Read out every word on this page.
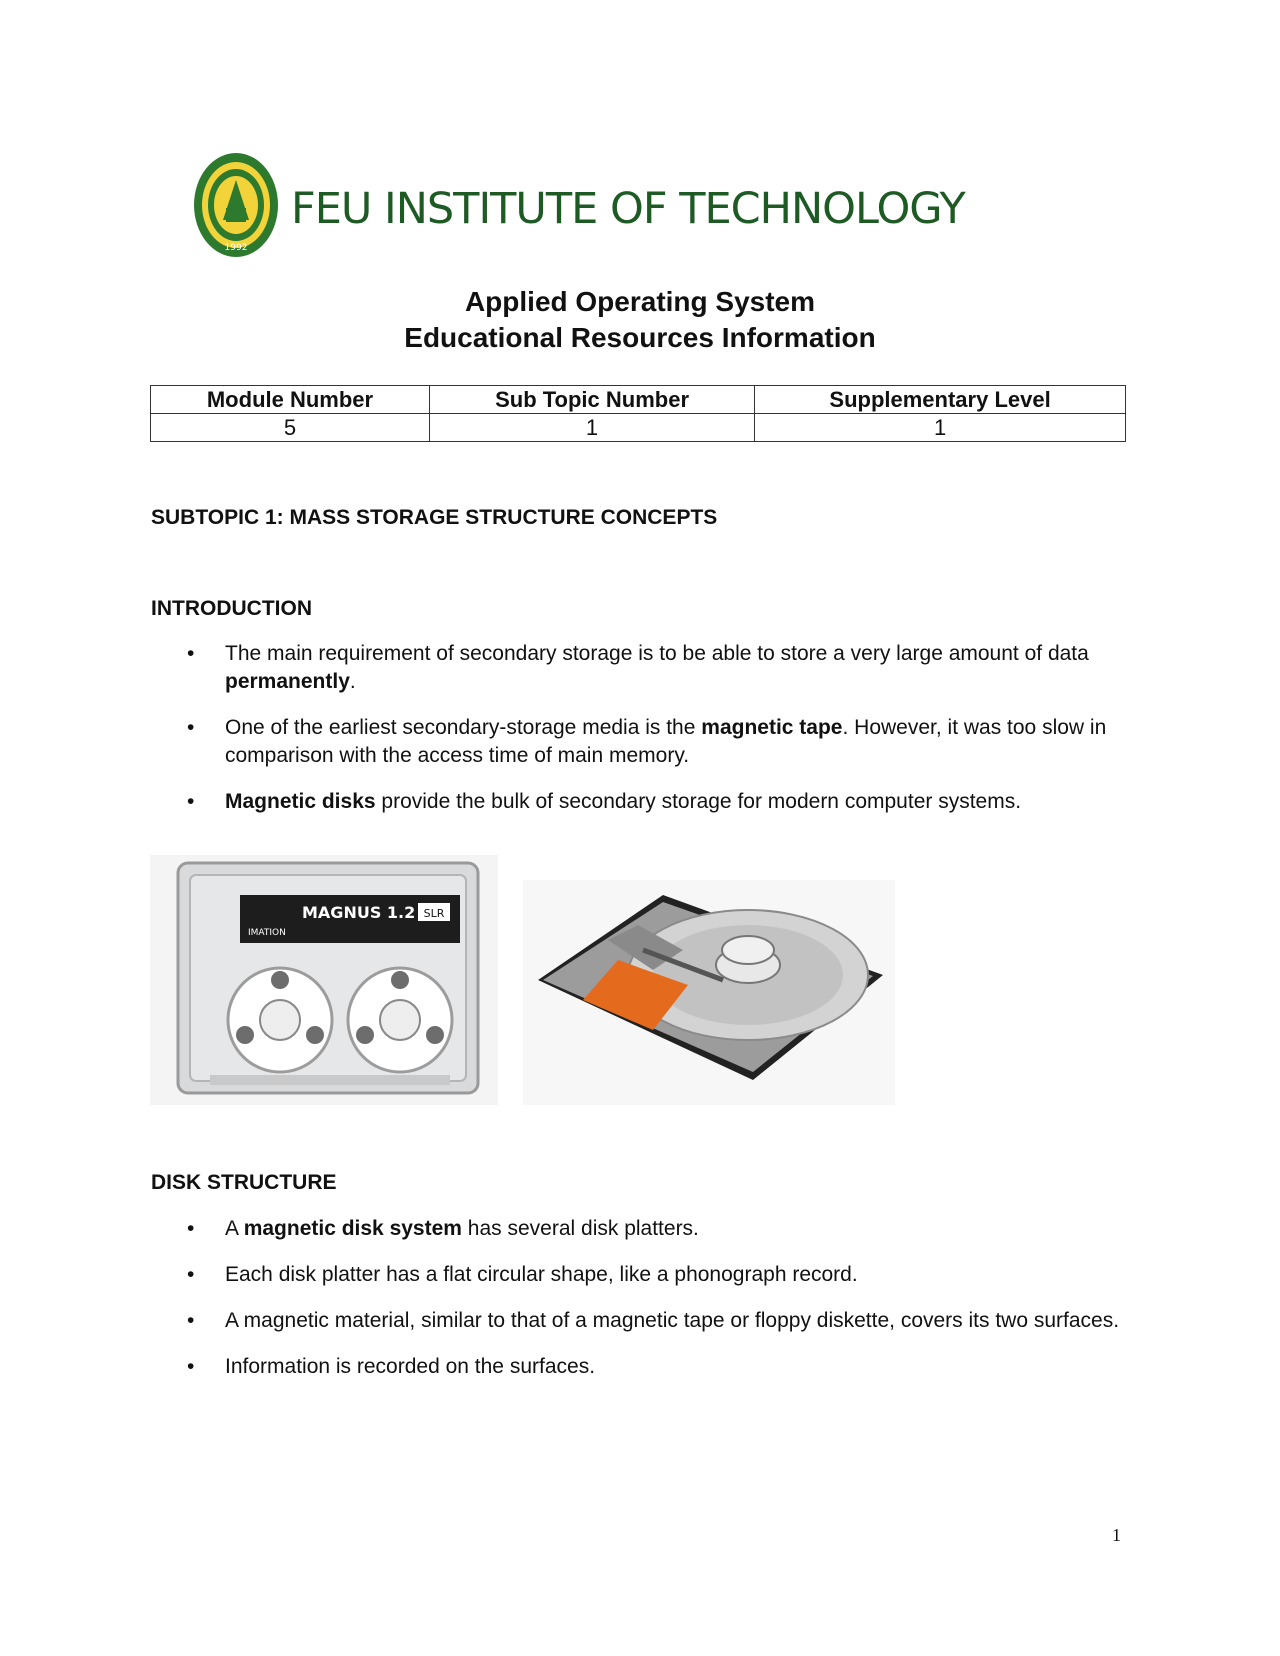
1992
FEU INSTITUTE OF TECHNOLOGY
Applied Operating System
Educational Resources Information
Module Number	Sub Topic Number	Supplementary Level
5	1	1
SUBTOPIC 1: MASS STORAGE STRUCTURE CONCEPTS
INTRODUCTION
• The main requirement of secondary storage is to be able to store a very large amount of data permanently.
• One of the earliest secondary-storage media is the magnetic tape. However, it was too slow in comparison with the access time of main memory.
• Magnetic disks provide the bulk of secondary storage for modern computer systems.
MAGNUS 1.2 SLR
IMATION
DISK STRUCTURE
• A magnetic disk system has several disk platters.
• Each disk platter has a flat circular shape, like a phonograph record.
• A magnetic material, similar to that of a magnetic tape or floppy diskette, covers its two surfaces.
• Information is recorded on the surfaces.
1
